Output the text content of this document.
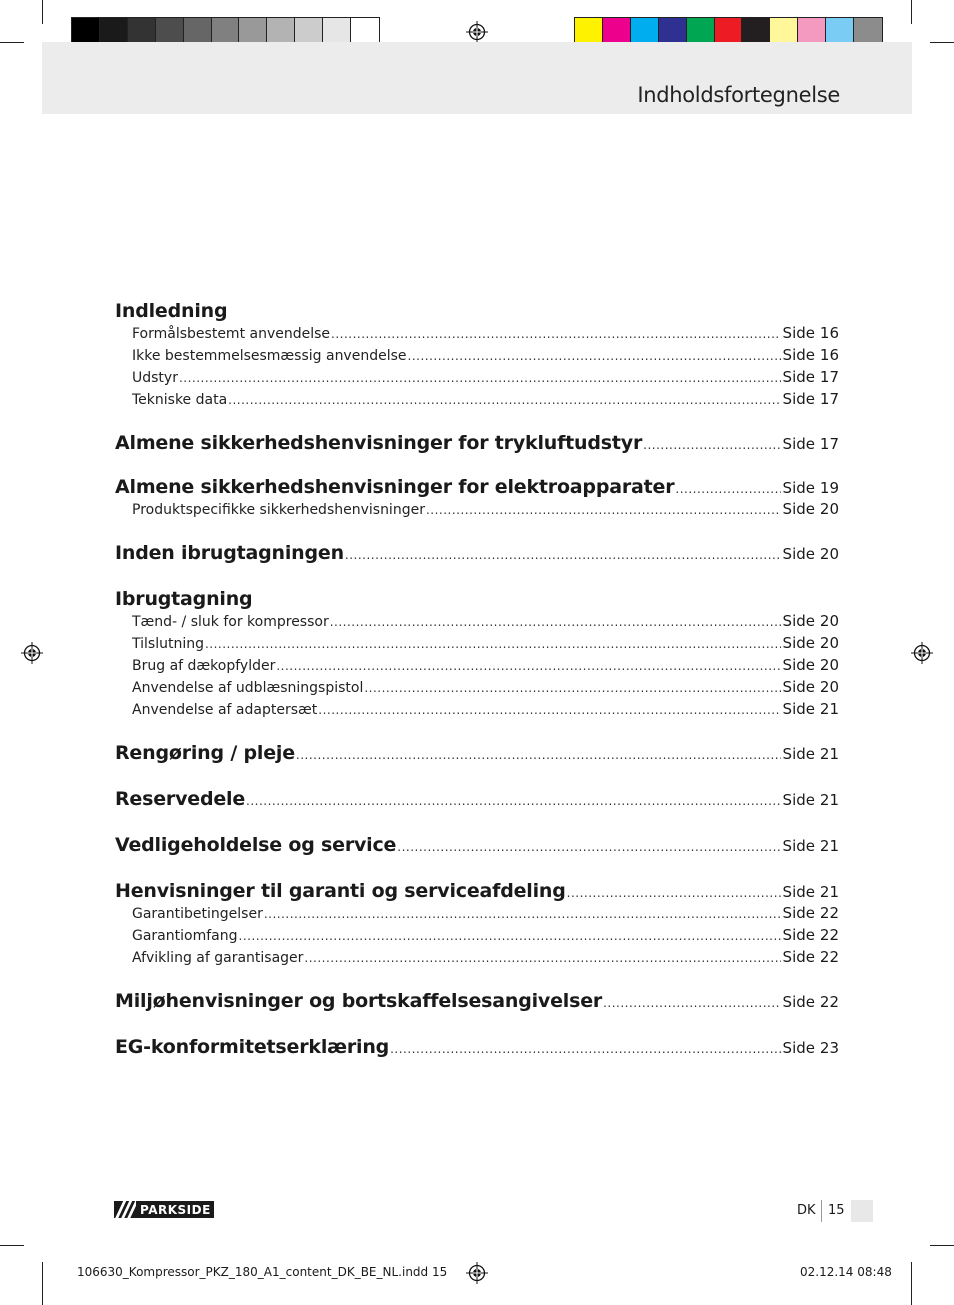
Indholdsfortegnelse
Indledning
Formålsbestemt anvendelse .....	Side 16
Ikke bestemmelsesmæssig anvendelse .....	Side 16
Udstyr .....	Side 17
Tekniske data .....	Side 17
Almene sikkerhedshenvisninger for trykluftudstyr .....	Side 17
Almene sikkerhedshenvisninger for elektroapparater .....	Side 19
Produktspecifikke sikkerhedshenvisninger .....	Side 20
Inden ibrugtagningen .....	Side 20
Ibrugtagning
Tænd- / sluk for kompressor .....	Side 20
Tilslutning .....	Side 20
Brug af dækopfylder .....	Side 20
Anvendelse af udblæsningspistol .....	Side 20
Anvendelse af adaptersæt .....	Side 21
Rengøring / pleje .....	Side 21
Reservedele .....	Side 21
Vedligeholdelse og service .....	Side 21
Henvisninger til garanti og serviceafdeling .....	Side 21
Garantibetingelser .....	Side 22
Garantiomfang .....	Side 22
Afvikling af garantisager .....	Side 22
Miljøhenvisninger og bortskaffelsesangivelser .....	Side 22
EG-konformitetserklæring .....	Side 23
PARKSIDE	DK 15
106630_Kompressor_PKZ_180_A1_content_DK_BE_NL.indd 15	02.12.14 08:48
